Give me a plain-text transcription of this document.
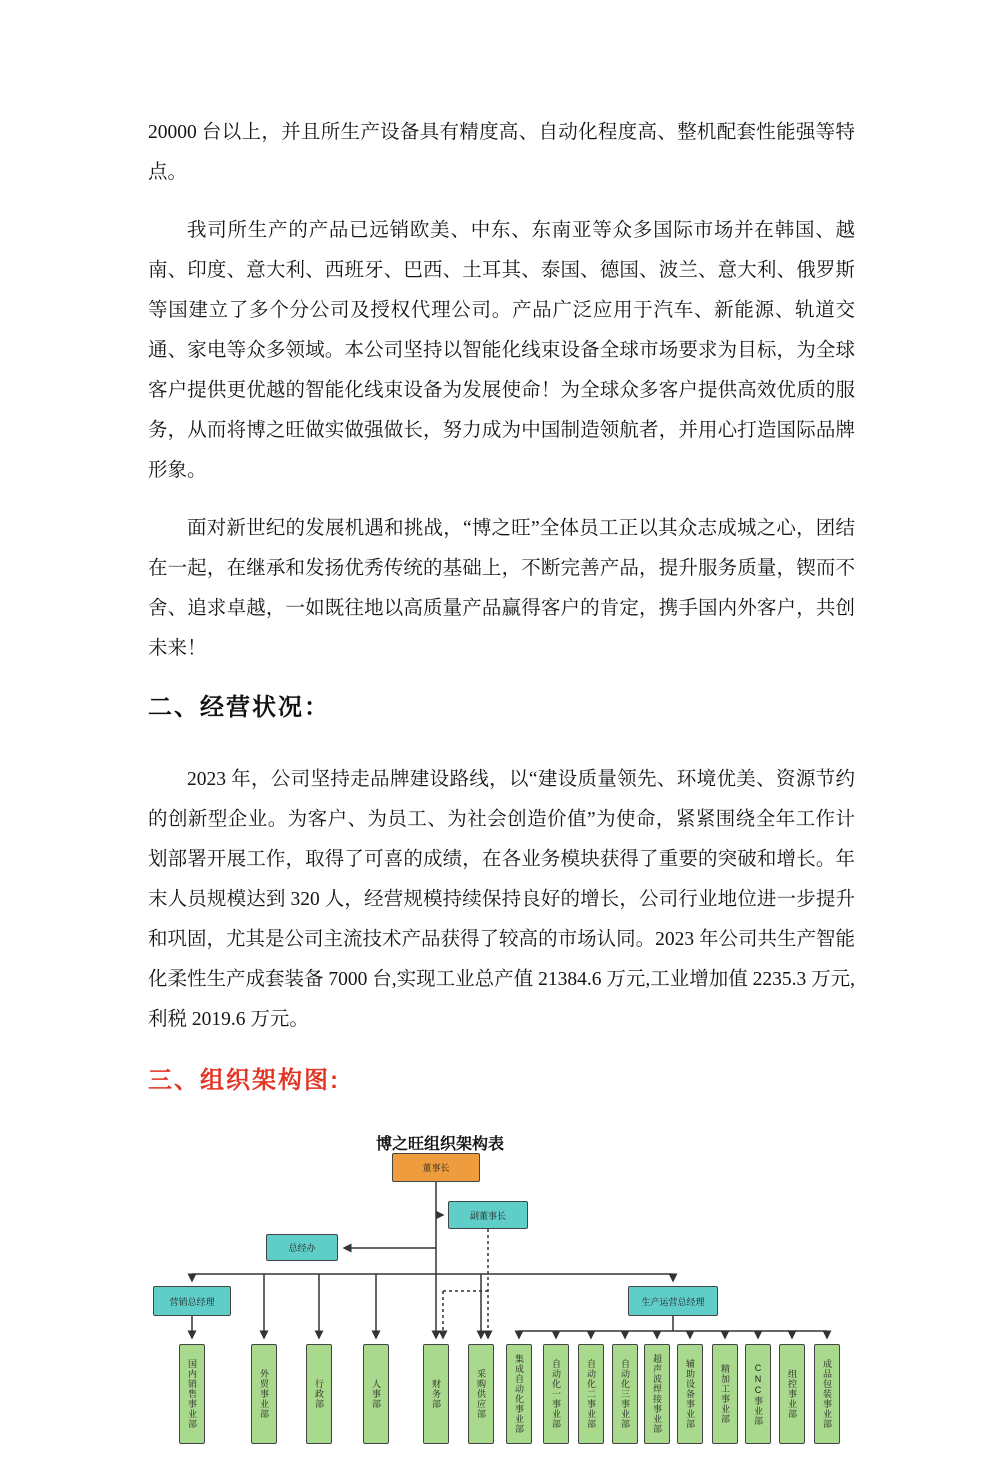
20000 台以上，并且所生产设备具有精度高、自动化程度高、整机配套性能强等特点。

我司所生产的产品已远销欧美、中东、东南亚等众多国际市场并在韩国、越南、印度、意大利、西班牙、巴西、土耳其、泰国、德国、波兰、意大利、俄罗斯等国建立了多个分公司及授权代理公司。产品广泛应用于汽车、新能源、轨道交通、家电等众多领域。本公司坚持以智能化线束设备全球市场要求为目标，为全球客户提供更优越的智能化线束设备为发展使命！为全球众多客户提供高效优质的服务，从而将博之旺做实做强做长，努力成为中国制造领航者，并用心打造国际品牌形象。

面对新世纪的发展机遇和挑战，“博之旺”全体员工正以其众志成城之心，团结在一起，在继承和发扬优秀传统的基础上，不断完善产品，提升服务质量，锲而不舍、追求卓越，一如既往地以高质量产品赢得客户的肯定，携手国内外客户，共创未来！

二、经营状况：

2023 年，公司坚持走品牌建设路线，以“建设质量领先、环境优美、资源节约的创新型企业。为客户、为员工、为社会创造价值”为使命，紧紧围绕全年工作计划部署开展工作，取得了可喜的成绩，在各业务模块获得了重要的突破和增长。年末人员规模达到 320 人，经营规模持续保持良好的增长，公司行业地位进一步提升和巩固，尤其是公司主流技术产品获得了较高的市场认同。2023 年公司共生产智能化柔性生产成套装备 7000 台,实现工业总产值 21384.6 万元,工业增加值 2235.3 万元,利税 2019.6 万元。

三、组织架构图:
博之旺组织架构表
董事长
副董事长
总经办
营销总经理	生产运营总经理
国内销售事业部	外贸事业部	行政部	人事部	财务部	采购供应部	集成自动化事业部	自动化一事业部	自动化二事业部	自动化三事业部 超声波焊接事业部	辅助设备事业部	精加工事业部	CNC事业部	组控事业部	成品包装事业部
